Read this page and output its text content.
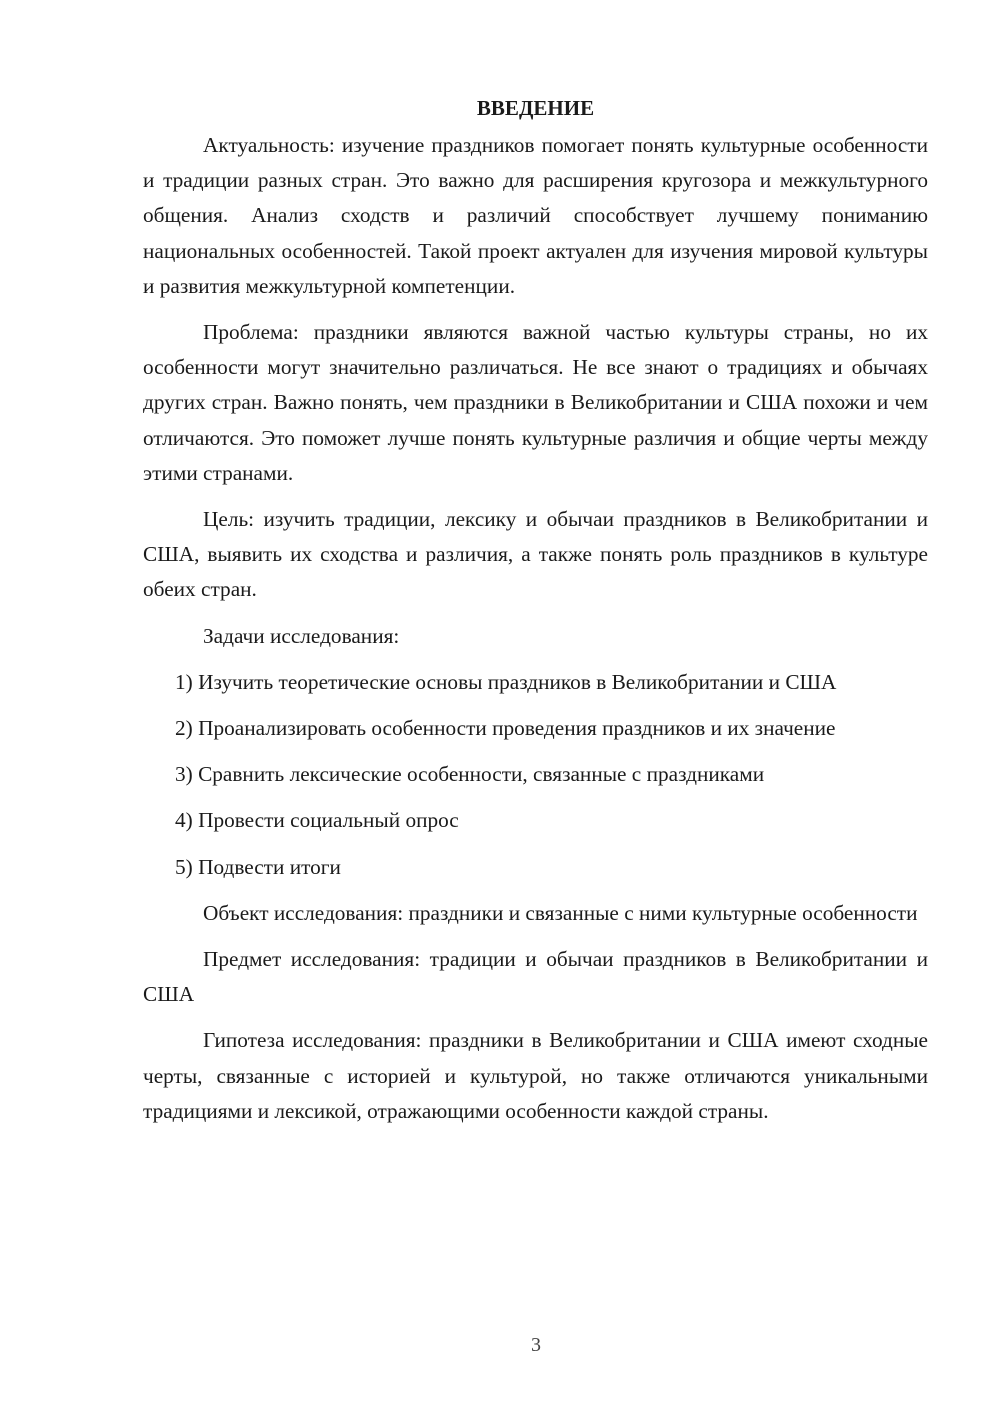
ВВЕДЕНИЕ

Актуальность: изучение праздников помогает понять культурные особенности и традиции разных стран. Это важно для расширения кругозора и межкультурного общения. Анализ сходств и различий способствует лучшему пониманию национальных особенностей. Такой проект актуален для изучения мировой культуры и развития межкультурной компетенции.

Проблема: праздники являются важной частью культуры страны, но их особенности могут значительно различаться. Не все знают о традициях и обычаях других стран. Важно понять, чем праздники в Великобритании и США похожи и чем отличаются. Это поможет лучше понять культурные различия и общие черты между этими странами.

Цель: изучить традиции, лексику и обычаи праздников в Великобритании и США, выявить их сходства и различия, а также понять роль праздников в культуре обеих стран.

Задачи исследования:

1) Изучить теоретические основы праздников в Великобритании и США

2) Проанализировать особенности проведения праздников и их значение

3) Сравнить лексические особенности, связанные с праздниками

4) Провести социальный опрос

5) Подвести итоги

Объект исследования: праздники и связанные с ними культурные особенности

Предмет исследования: традиции и обычаи праздников в Великобритании и США

Гипотеза исследования: праздники в Великобритании и США имеют сходные черты, связанные с историей и культурой, но также отличаются уникальными традициями и лексикой, отражающими особенности каждой страны.

3
